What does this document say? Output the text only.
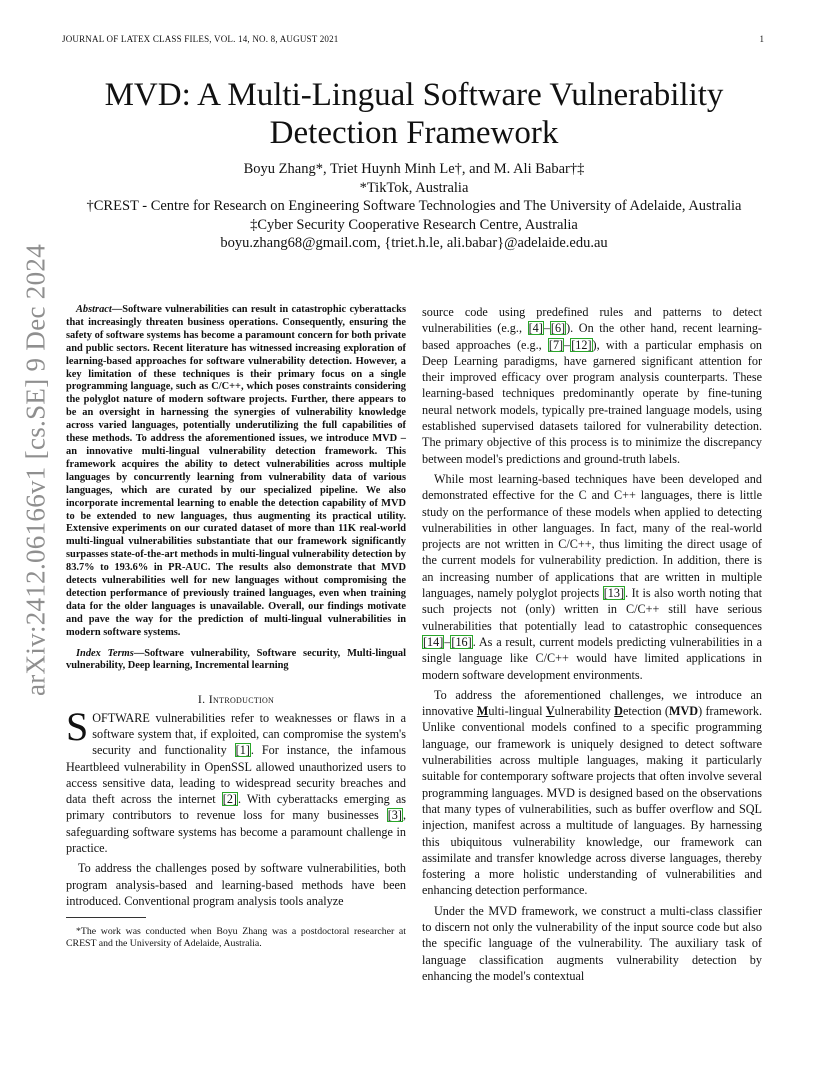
JOURNAL OF LATEX CLASS FILES, VOL. 14, NO. 8, AUGUST 2021	1
arXiv:2412.06166v1 [cs.SE] 9 Dec 2024
MVD: A Multi-Lingual Software Vulnerability Detection Framework
Boyu Zhang*, Triet Huynh Minh Le†, and M. Ali Babar†‡
*TikTok, Australia
†CREST - Centre for Research on Engineering Software Technologies and The University of Adelaide, Australia
‡Cyber Security Cooperative Research Centre, Australia
boyu.zhang68@gmail.com, {triet.h.le, ali.babar}@adelaide.edu.au

Abstract—Software vulnerabilities can result in catastrophic cyberattacks that increasingly threaten business operations. Consequently, ensuring the safety of software systems has become a paramount concern for both private and public sectors. Recent literature has witnessed increasing exploration of learning-based approaches for software vulnerability detection. However, a key limitation of these techniques is their primary focus on a single programming language, such as C/C++, which poses constraints considering the polyglot nature of modern software projects. Further, there appears to be an oversight in harnessing the synergies of vulnerability knowledge across varied languages, potentially underutilizing the full capabilities of these methods. To address the aforementioned issues, we introduce MVD – an innovative multi-lingual vulnerability detection framework. This framework acquires the ability to detect vulnerabilities across multiple languages by concurrently learning from vulnerability data of various languages, which are curated by our specialized pipeline. We also incorporate incremental learning to enable the detection capability of MVD to be extended to new languages, thus augmenting its practical utility. Extensive experiments on our curated dataset of more than 11K real-world multi-lingual vulnerabilities substantiate that our framework significantly surpasses state-of-the-art methods in multi-lingual vulnerability detection by 83.7% to 193.6% in PR-AUC. The results also demonstrate that MVD detects vulnerabilities well for new languages without compromising the detection performance of previously trained languages, even when training data for the older languages is unavailable. Overall, our findings motivate and pave the way for the prediction of multi-lingual vulnerabilities in modern software systems.

Index Terms—Software vulnerability, Software security, Multi-lingual vulnerability, Deep learning, Incremental learning

I. Introduction

SOFTWARE vulnerabilities refer to weaknesses or flaws in a software system that, if exploited, can compromise the system's security and functionality [1]. For instance, the infamous Heartbleed vulnerability in OpenSSL allowed unauthorized users to access sensitive data, leading to widespread security breaches and data theft across the internet [2]. With cyberattacks emerging as primary contributors to revenue loss for many businesses [3], safeguarding software systems has become a paramount challenge in practice.

To address the challenges posed by software vulnerabilities, both program analysis-based and learning-based methods have been introduced. Conventional program analysis tools analyze

*The work was conducted when Boyu Zhang was a postdoctoral researcher at CREST and the University of Adelaide, Australia.

source code using predefined rules and patterns to detect vulnerabilities (e.g., [4]–[6]). On the other hand, recent learning-based approaches (e.g., [7]–[12]), with a particular emphasis on Deep Learning paradigms, have garnered significant attention for their improved efficacy over program analysis counterparts. These learning-based techniques predominantly operate by fine-tuning neural network models, typically pre-trained language models, using established supervised datasets tailored for vulnerability detection. The primary objective of this process is to minimize the discrepancy between model's predictions and ground-truth labels.

While most learning-based techniques have been developed and demonstrated effective for the C and C++ languages, there is little study on the performance of these models when applied to detecting vulnerabilities in other languages. In fact, many of the real-world projects are not written in C/C++, thus limiting the direct usage of the current models for vulnerability prediction. In addition, there is an increasing number of applications that are written in multiple languages, namely polyglot projects [13]. It is also worth noting that such projects not (only) written in C/C++ still have serious vulnerabilities that potentially lead to catastrophic consequences [14]–[16]. As a result, current models predicting vulnerabilities in a single language like C/C++ would have limited applications in modern software development environments.

To address the aforementioned challenges, we introduce an innovative Multi-lingual Vulnerability Detection (MVD) framework. Unlike conventional models confined to a specific programming language, our framework is uniquely designed to detect software vulnerabilities across multiple languages, making it particularly suitable for contemporary software projects that often involve several programming languages. MVD is designed based on the observations that many types of vulnerabilities, such as buffer overflow and SQL injection, manifest across a multitude of languages. By harnessing this ubiquitous vulnerability knowledge, our framework can assimilate and transfer knowledge across diverse languages, thereby fostering a more holistic understanding of vulnerabilities and enhancing detection performance.

Under the MVD framework, we construct a multi-class classifier to discern not only the vulnerability of the input source code but also the specific language of the vulnerability. The auxiliary task of language classification augments vulnerability detection by enhancing the model's contextual
